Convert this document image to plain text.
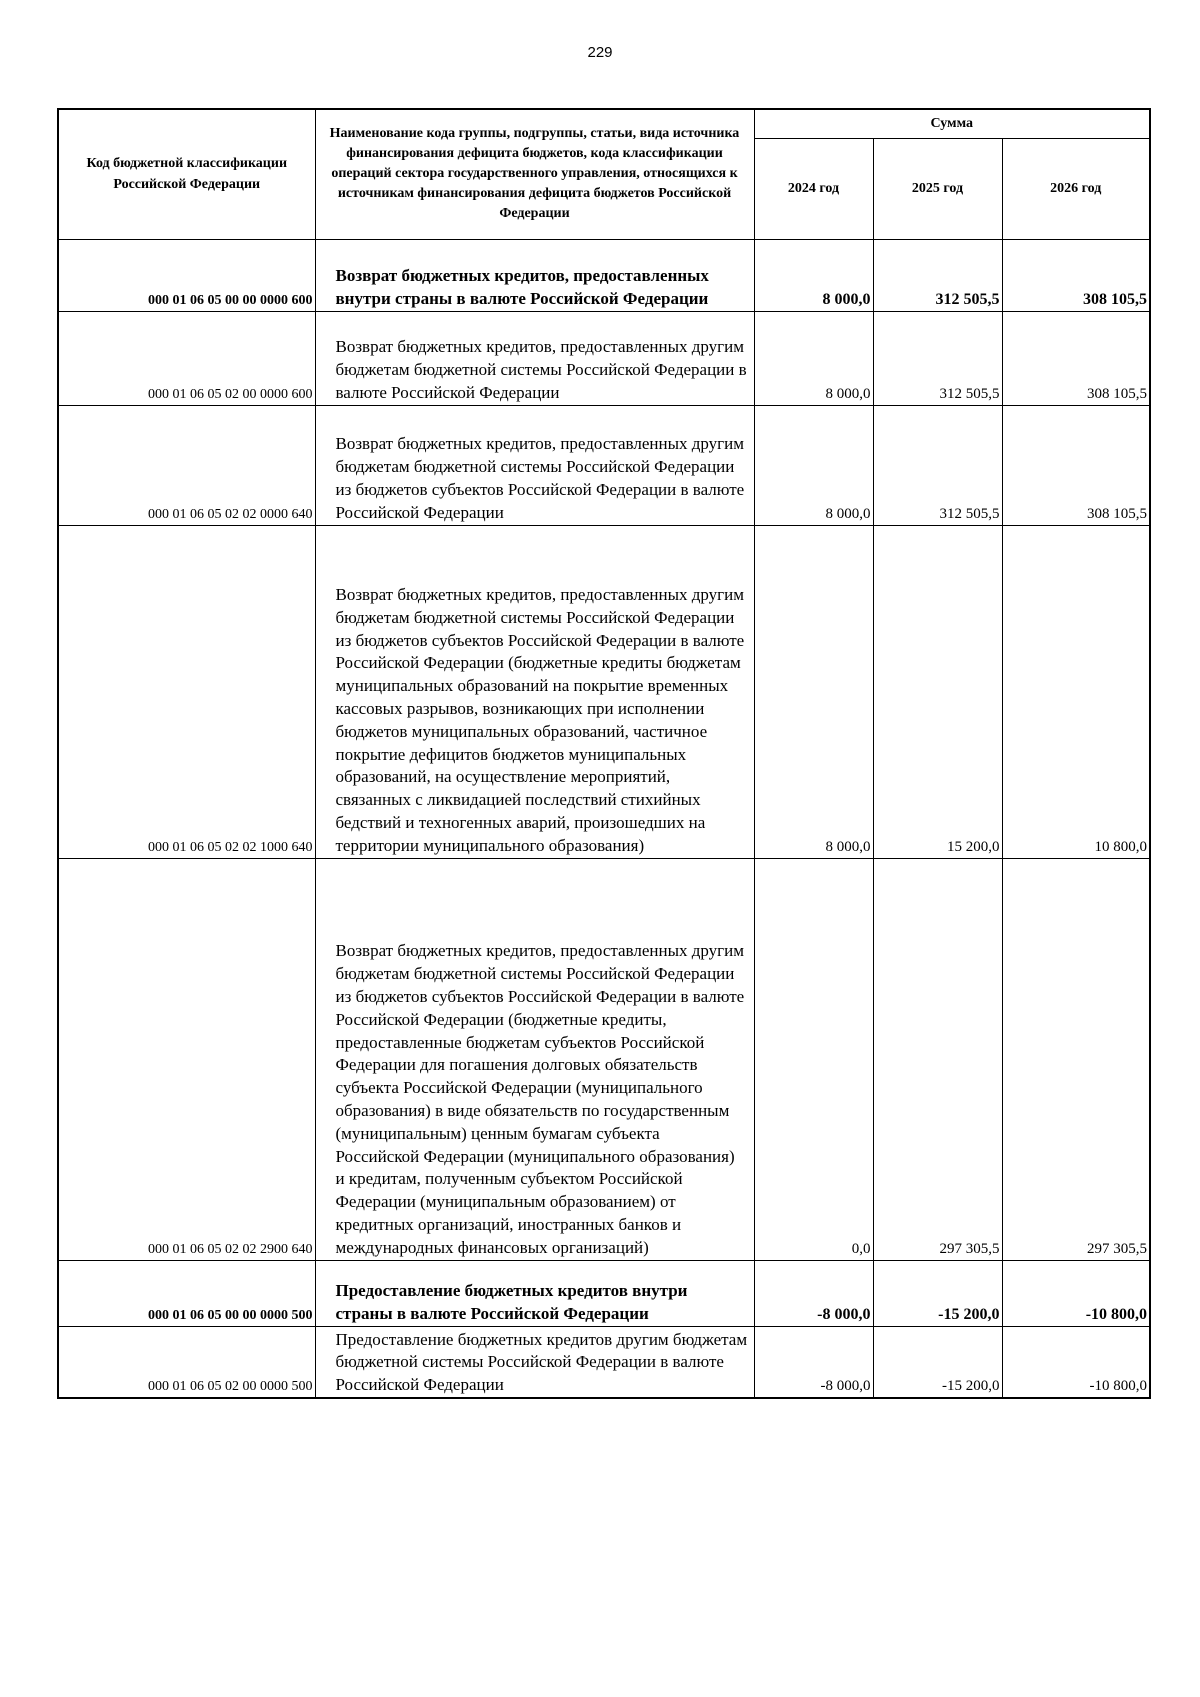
229
Код бюджетной классификации Российской Федерации	Наименование кода группы, подгруппы, статьи, вида источника финансирования дефицита бюджетов, кода классификации операций сектора государственного управления, относящихся к источникам финансирования дефицита бюджетов Российской Федерации	Сумма		
		2024 год	2025 год	2026 год
000 01 06 05 00 00 0000 600	Возврат бюджетных кредитов, предоставленных внутри страны в валюте Российской Федерации	8 000,0	312 505,5	308 105,5
000 01 06 05 02 00 0000 600	Возврат бюджетных кредитов, предоставленных другим бюджетам бюджетной системы Российской Федерации в валюте Российской Федерации	8 000,0	312 505,5	308 105,5
000 01 06 05 02 02 0000 640	Возврат бюджетных кредитов, предоставленных другим бюджетам бюджетной системы Российской Федерации из бюджетов субъектов Российской Федерации в валюте Российской Федерации	8 000,0	312 505,5	308 105,5
000 01 06 05 02 02 1000 640	Возврат бюджетных кредитов, предоставленных другим бюджетам бюджетной системы Российской Федерации из бюджетов субъектов Российской Федерации в валюте Российской Федерации (бюджетные кредиты бюджетам муниципальных образований на покрытие временных кассовых разрывов, возникающих при исполнении бюджетов муниципальных образований, частичное покрытие дефицитов бюджетов муниципальных образований, на осуществление мероприятий, связанных с ликвидацией последствий стихийных бедствий и техногенных аварий, произошедших на территории муниципального образования)	8 000,0	15 200,0	10 800,0
000 01 06 05 02 02 2900 640	Возврат бюджетных кредитов, предоставленных другим бюджетам бюджетной системы Российской Федерации из бюджетов субъектов Российской Федерации в валюте Российской Федерации (бюджетные кредиты, предоставленные бюджетам субъектов Российской Федерации для погашения долговых обязательств субъекта Российской Федерации (муниципального образования) в виде обязательств по государственным (муниципальным) ценным бумагам субъекта Российской Федерации (муниципального образования) и кредитам, полученным субъектом Российской Федерации (муниципальным образованием) от кредитных организаций, иностранных банков и международных финансовых организаций)	0,0	297 305,5	297 305,5
000 01 06 05 00 00 0000 500	Предоставление бюджетных кредитов внутри страны в валюте Российской Федерации	-8 000,0	-15 200,0	-10 800,0
000 01 06 05 02 00 0000 500	Предоставление бюджетных кредитов другим бюджетам бюджетной системы Российской Федерации в валюте Российской Федерации	-8 000,0	-15 200,0	-10 800,0
